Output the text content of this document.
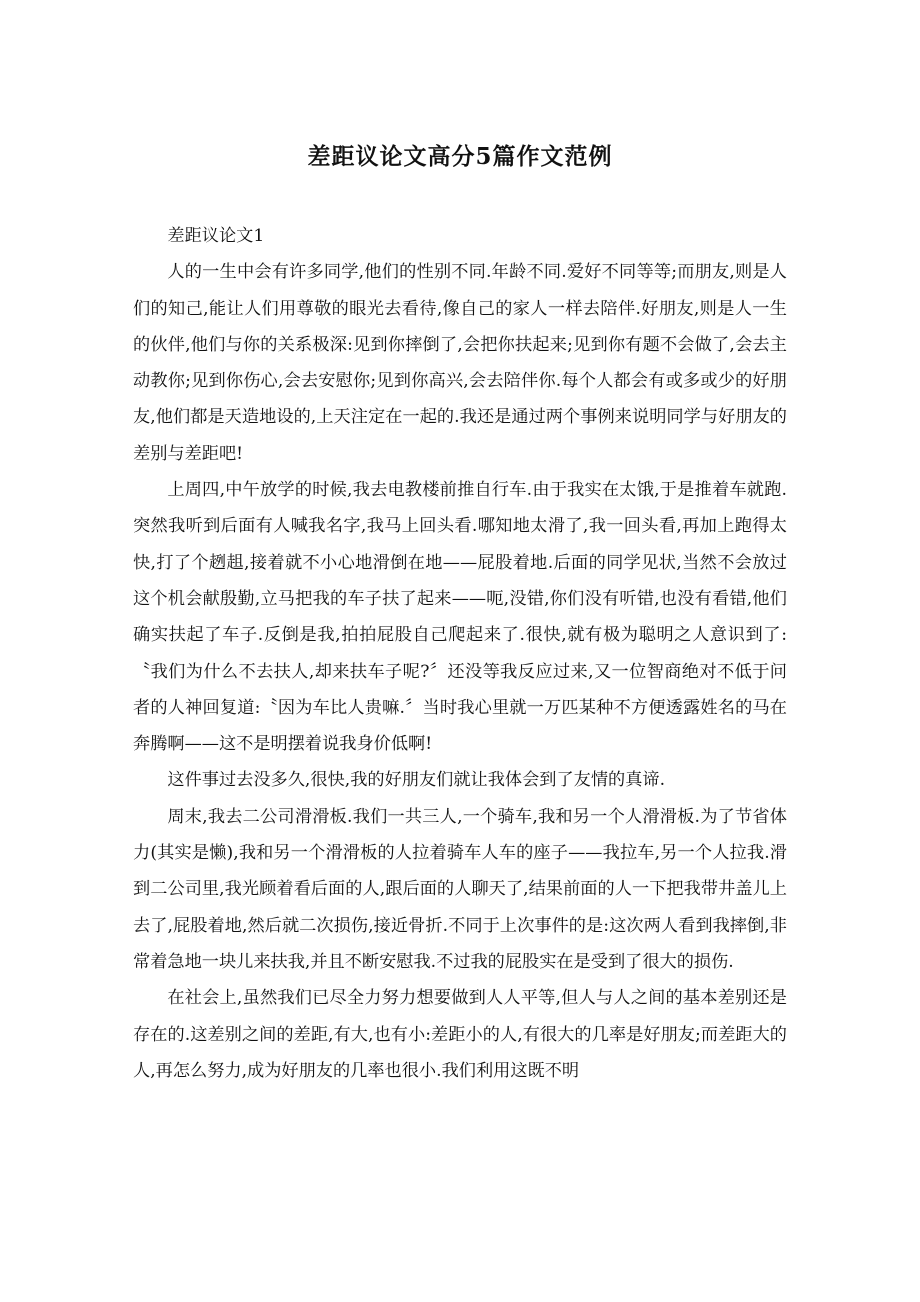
差距议论文高分5篇作文范例

差距议论文1

人的一生中会有许多同学,他们的性别不同.年龄不同.爱好不同等等;而朋友,则是人们的知己,能让人们用尊敬的眼光去看待,像自己的家人一样去陪伴.好朋友,则是人一生的伙伴,他们与你的关系极深:见到你摔倒了,会把你扶起来;见到你有题不会做了,会去主动教你;见到你伤心,会去安慰你;见到你高兴,会去陪伴你.每个人都会有或多或少的好朋友,他们都是天造地设的,上天注定在一起的.我还是通过两个事例来说明同学与好朋友的差别与差距吧!

上周四,中午放学的时候,我去电教楼前推自行车.由于我实在太饿,于是推着车就跑.突然我听到后面有人喊我名字,我马上回头看.哪知地太滑了,我一回头看,再加上跑得太快,打了个趔趄,接着就不小心地滑倒在地——屁股着地.后面的同学见状,当然不会放过这个机会献殷勤,立马把我的车子扶了起来——呃,没错,你们没有听错,也没有看错,他们确实扶起了车子.反倒是我,拍拍屁股自己爬起来了.很快,就有极为聪明之人意识到了:〝我们为什么不去扶人,却来扶车子呢?〞还没等我反应过来,又一位智商绝对不低于问者的人神回复道:〝因为车比人贵嘛.〞当时我心里就一万匹某种不方便透露姓名的马在奔腾啊——这不是明摆着说我身价低啊!

这件事过去没多久,很快,我的好朋友们就让我体会到了友情的真谛.

周末,我去二公司滑滑板.我们一共三人,一个骑车,我和另一个人滑滑板.为了节省体力(其实是懒),我和另一个滑滑板的人拉着骑车人车的座子——我拉车,另一个人拉我.滑到二公司里,我光顾着看后面的人,跟后面的人聊天了,结果前面的人一下把我带井盖儿上去了,屁股着地,然后就二次损伤,接近骨折.不同于上次事件的是:这次两人看到我摔倒,非常着急地一块儿来扶我,并且不断安慰我.不过我的屁股实在是受到了很大的损伤.

在社会上,虽然我们已尽全力努力想要做到人人平等,但人与人之间的基本差别还是存在的.这差别之间的差距,有大,也有小:差距小的人,有很大的几率是好朋友;而差距大的人,再怎么努力,成为好朋友的几率也很小.我们利用这既不明
